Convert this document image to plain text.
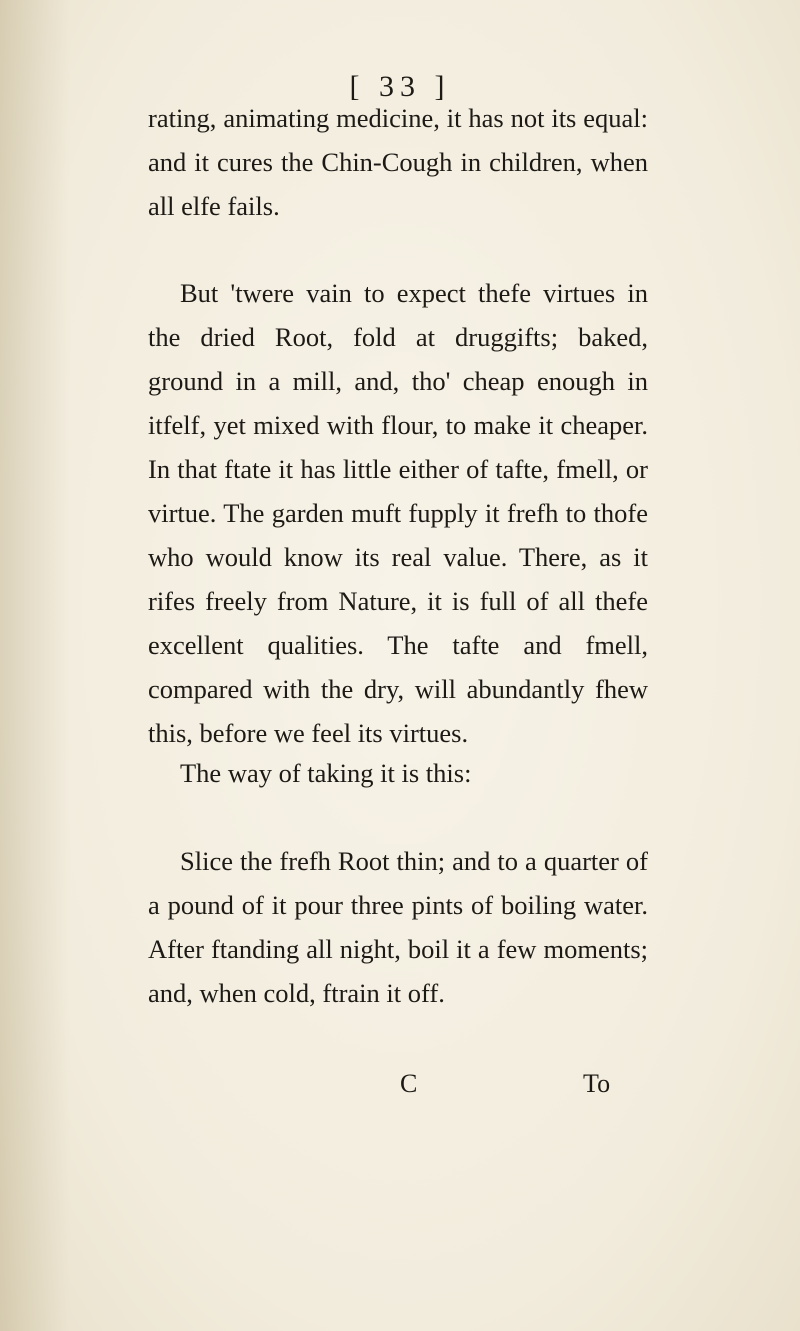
[ 33 ]

rating, animating medicine, it has not its equal: and it cures the Chin-Cough in children, when all elfe fails.

But 'twere vain to expect thefe virtues in the dried Root, fold at druggifts; baked, ground in a mill, and, tho' cheap enough in itfelf, yet mixed with flour, to make it cheaper. In that ftate it has little either of tafte, fmell, or virtue. The garden muft fupply it frefh to thofe who would know its real value. There, as it rifes freely from Nature, it is full of all thefe excellent qualities. The tafte and fmell, compared with the dry, will abundantly fhew this, before we feel its virtues.

The way of taking it is this:

Slice the frefh Root thin; and to a quarter of a pound of it pour three pints of boiling water. After ftanding all night, boil it a few moments; and, when cold, ftrain it off.

C	To
